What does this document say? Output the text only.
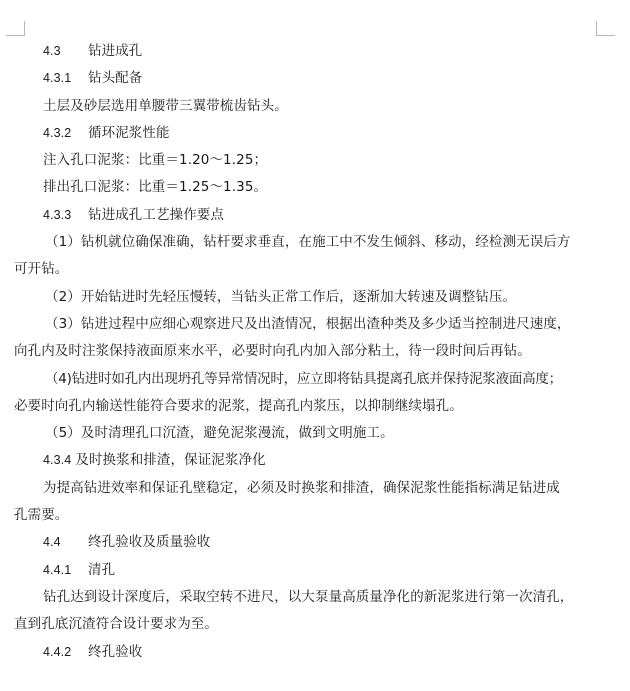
4.3 钻进成孔
4.3.1 钻头配备
土层及砂层选用单腰带三翼带梳齿钻头。
4.3.2 循环泥浆性能
注入孔口泥浆：比重＝1.20～1.25；
排出孔口泥浆：比重＝1.25～1.35。
4.3.3 钻进成孔工艺操作要点
（1）钻机就位确保准确，钻杆要求垂直，在施工中不发生倾斜、移动，经检测无误后方
可开钻。
（2）开始钻进时先轻压慢转，当钻头正常工作后，逐渐加大转速及调整钻压。
（3）钻进过程中应细心观察进尺及出渣情况，根据出渣种类及多少适当控制进尺速度，
向孔内及时注浆保持液面原来水平，必要时向孔内加入部分粘土，待一段时间后再钻。
（4)钻进时如孔内出现坍孔等异常情况时，应立即将钻具提离孔底并保持泥浆液面高度；
必要时向孔内输送性能符合要求的泥浆，提高孔内浆压，以抑制继续塌孔。
（5）及时清理孔口沉渣，避免泥浆漫流，做到文明施工。
4.3.4 及时换浆和排渣，保证泥浆净化
为提高钻进效率和保证孔壁稳定，必须及时换浆和排渣，确保泥浆性能指标满足钻进成
孔需要。
4.4 终孔验收及质量验收
4.4.1 清孔
钻孔达到设计深度后，采取空转不进尺，以大泵量高质量净化的新泥浆进行第一次清孔，
直到孔底沉渣符合设计要求为至。
4.4.2 终孔验收
